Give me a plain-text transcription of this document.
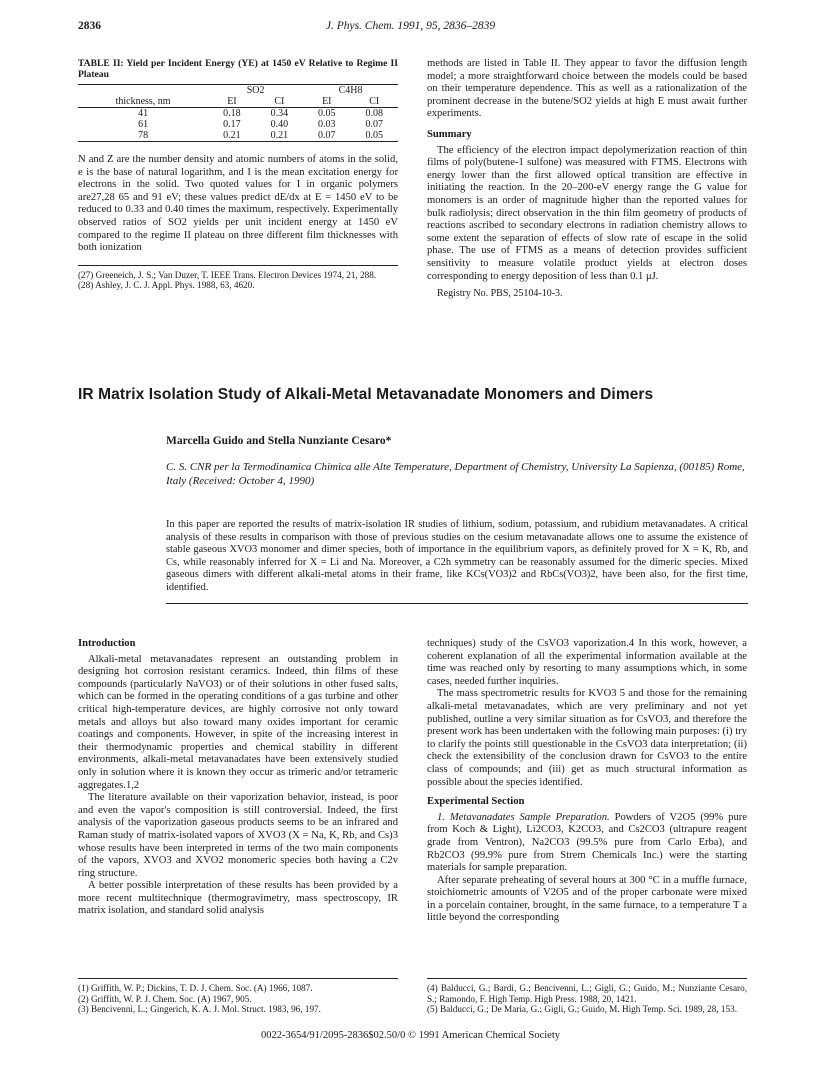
J. Phys. Chem. 1991, 95, 2836–2839
2836
TABLE II: Yield per Incident Energy (YE) at 1450 eV Relative to Regime II Plateau
	SO2		C4H8	
thickness, nm	EI	CI	EI	CI
41	0.18	0.34	0.05	0.08
61	0.17	0.40	0.03	0.07
78	0.21	0.21	0.07	0.05

N and Z are the number density and atomic numbers of atoms in the solid, e is the base of natural logarithm, and I is the mean excitation energy for electrons in the solid. Two quoted values for I in organic polymers are27,28 65 and 91 eV; these values predict dE/dx at E = 1450 eV to be reduced to 0.33 and 0.40 times the maximum, respectively. Experimentally observed ratios of SO2 yields per unit incident energy at 1450 eV compared to the regime II plateau on three different film thicknesses with both ionization

(27) Greeneich, J. S.; Van Duzer, T. IEEE Trans. Electron Devices 1974, 21, 288.
(28) Ashley, J. C. J. Appl. Phys. 1988, 63, 4620.

methods are listed in Table II. They appear to favor the diffusion length model; a more straightforward choice between the models could be based on their temperature dependence. This as well as a rationalization of the prominent decrease in the butene/SO2 yields at high E must await further experiments.

Summary

The efficiency of the electron impact depolymerization reaction of thin films of poly(butene-1 sulfone) was measured with FTMS. Electrons with energy lower than the first allowed optical transition are effective in initiating the reaction. In the 20–200-eV energy range the G value for monomers is an order of magnitude higher than the reported values for bulk radiolysis; direct observation in the thin film geometry of products of reactions ascribed to secondary electrons in radiation chemistry allows to some extent the separation of effects of slow rate of escape in the solid phase. The use of FTMS as a means of detection provides sufficient sensitivity to measure volatile product yields at electron doses corresponding to energy deposition of less than 0.1 μJ.

Registry No. PBS, 25104-10-3.

IR Matrix Isolation Study of Alkali-Metal Metavanadate Monomers and Dimers
Marcella Guido and Stella Nunziante Cesaro*
C. S. CNR per la Termodinamica Chimica alle Alte Temperature, Department of Chemistry, University La Sapienza, (00185) Rome, Italy (Received: October 4, 1990)
In this paper are reported the results of matrix-isolation IR studies of lithium, sodium, potassium, and rubidium metavanadates. A critical analysis of these results in comparison with those of previous studies on the cesium metavanadate allows one to assume the existence of stable gaseous XVO3 monomer and dimer species, both of importance in the equilibrium vapors, as definitely proved for X = K, Rb, and Cs, while reasonably inferred for X = Li and Na. Moreover, a C2h symmetry can be reasonably assumed for the dimeric species. Mixed gaseous dimers with different alkali-metal atoms in their frame, like KCs(VO3)2 and RbCs(VO3)2, have been also, for the first time, identified.
Introduction

Alkali-metal metavanadates represent an outstanding problem in designing hot corrosion resistant ceramics. Indeed, thin films of these compounds (particularly NaVO3) or of their solutions in other fused salts, which can be formed in the operating conditions of a gas turbine and other critical high-temperature devices, are highly corrosive not only toward metals and alloys but also toward many oxides important for ceramic coatings and components. However, in spite of the increasing interest in their thermodynamic properties and chemical stability in different environments, alkali-metal metavanadates have been extensively studied only in solution where it is known they occur as trimeric and/or tetrameric aggregates.1,2

The literature available on their vaporization behavior, instead, is poor and even the vapor's composition is still controversial. Indeed, the first analysis of the vaporization gaseous products seems to be an infrared and Raman study of matrix-isolated vapors of XVO3 (X = Na, K, Rb, and Cs)3 whose results have been interpreted in terms of the two main components of the vapors, XVO3 and XVO2 monomeric species both having a C2v ring structure.

A better possible interpretation of these results has been provided by a more recent multitechnique (thermogravimetry, mass spectroscopy, IR matrix isolation, and standard solid analysis

(1) Griffith, W. P.; Dickins, T. D. J. Chem. Soc. (A) 1966, 1087.
(2) Griffith, W. P. J. Chem. Soc. (A) 1967, 905.
(3) Bencivenni, L.; Gingerich, K. A. J. Mol. Struct. 1983, 96, 197.

techniques) study of the CsVO3 vaporization.4 In this work, however, a coherent explanation of all the experimental information available at the time was reached only by resorting to many assumptions which, in some cases, needed further inquiries.

The mass spectrometric results for KVO3 5 and those for the remaining alkali-metal metavanadates, which are very preliminary and not yet published, outline a very similar situation as for CsVO3, and therefore the present work has been undertaken with the following main purposes: (i) try to clarify the points still questionable in the CsVO3 data interpretation; (ii) check the extensibility of the conclusion drawn for CsVO3 to the entire class of compounds; and (iii) get as much structural information as possible about the species identified.

Experimental Section

1. Metavanadates Sample Preparation. Powders of V2O5 (99% pure from Koch & Light), Li2CO3, K2CO3, and Cs2CO3 (ultrapure reagent grade from Ventron), Na2CO3 (99.5% pure from Carlo Erba), and Rb2CO3 (99.9% pure from Strem Chemicals Inc.) were the starting materials for sample preparation.

After separate preheating of several hours at 300 °C in a muffle furnace, stoichiometric amounts of V2O5 and of the proper carbonate were mixed in a porcelain container, brought, in the same furnace, to a temperature T a little beyond the corresponding

(4) Balducci, G.; Bardi, G.; Bencivenni, L.; Gigli, G.; Guido, M.; Nunziante Cesaro, S.; Ramondo, F. High Temp. High Press. 1988, 20, 1421.
(5) Balducci, G.; De Maria, G.; Gigli, G.; Guido, M. High Temp. Sci. 1989, 28, 153.
0022-3654/91/2095-2836$02.50/0 © 1991 American Chemical Society
